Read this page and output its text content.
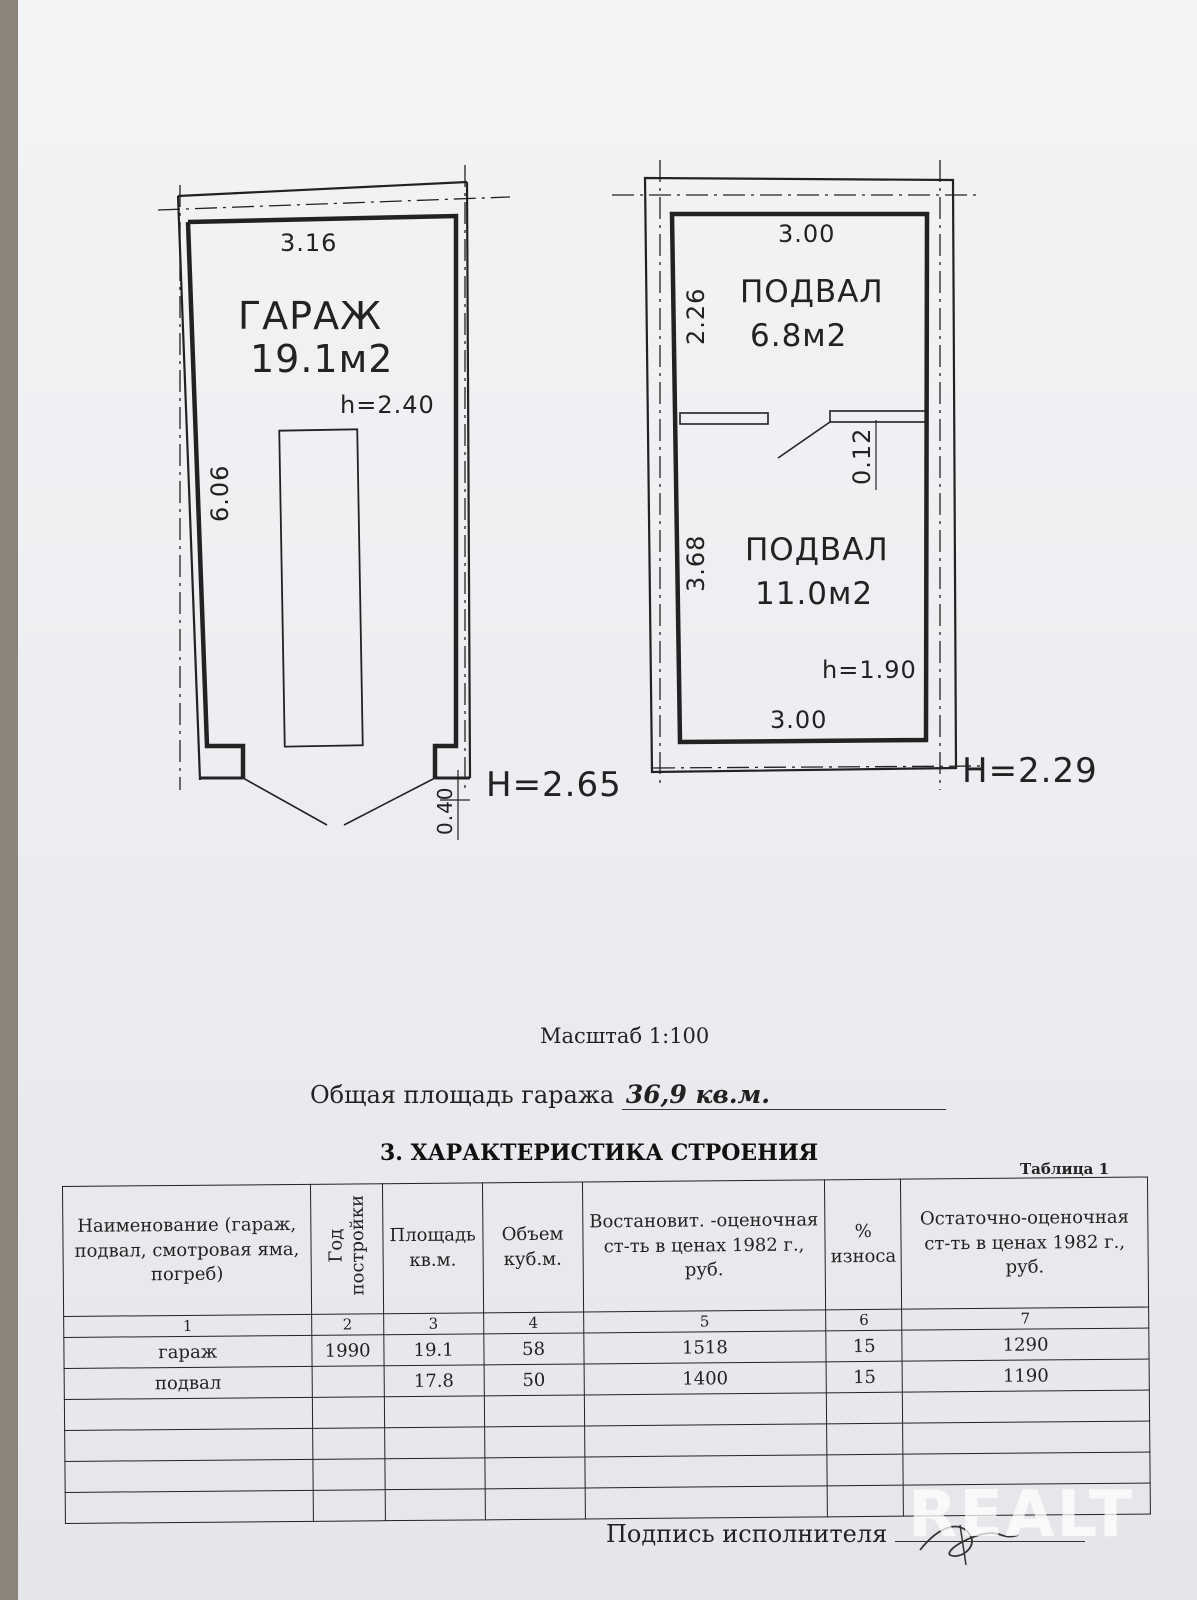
3.16
ГАРАЖ
19.1м2
h=2.40
6.06
0.40
H=2.65
3.00
ПОДВАЛ
6.8м2
2.26
0.12
ПОДВАЛ
11.0м2
3.68
h=1.90
3.00
H=2.29
Масштаб 1:100
Общая площадь гаража 36,9 кв.м.
3. ХАРАКТЕРИСТИКА СТРОЕНИЯ
Таблица 1
Наименование (гараж, подвал, смотровая яма, погреб)	Год постройки	Площадь кв.м.	Объем куб.м.	Востановит. -оценочная ст-ть в ценах 1982 г., руб.	% износа	Остаточно-оценочная ст-ть в ценах 1982 г., руб.
1	2	3	4	5	6	7
гараж	1990	19.1	58	1518	15	1290
подвал		17.8	50	1400	15	1190

Подпись исполнителя REALT
